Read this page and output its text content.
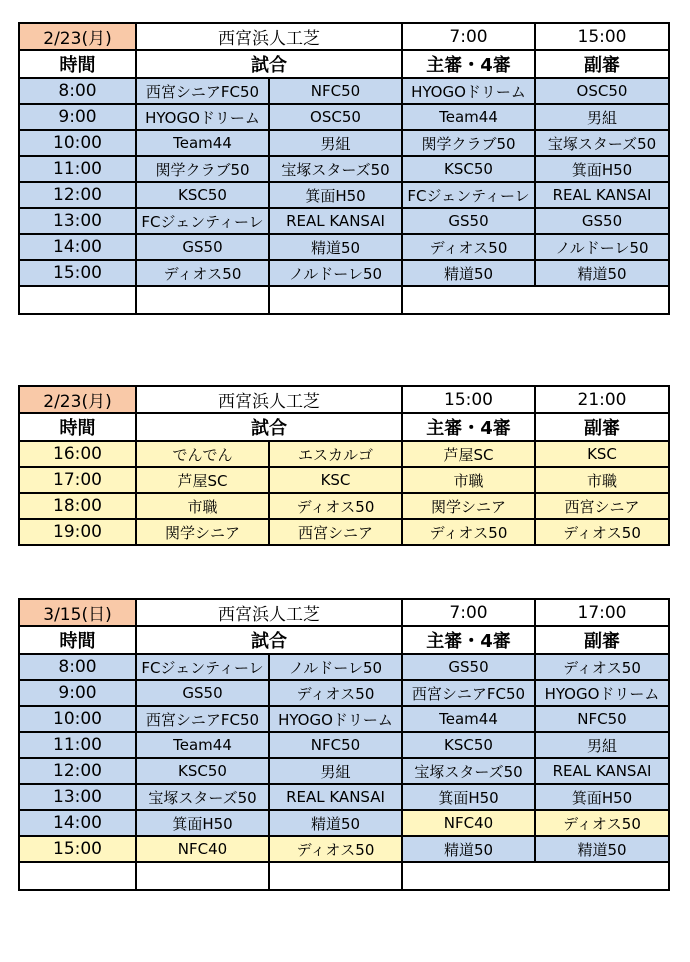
2/23(月)	西宮浜人工芝		7:00	15:00
時間	試合		主審・4審	副審
8:00	西宮シニアFC50	NFC50	HYOGOドリーム	OSC50
9:00	HYOGOドリーム	OSC50	Team44	男組
10:00	Team44	男組	関学クラブ50	宝塚スターズ50
11:00	関学クラブ50	宝塚スターズ50	KSC50	箕面H50
12:00	KSC50	箕面H50	FCジェンティーレ	REAL KANSAI
13:00	FCジェンティーレ	REAL KANSAI	GS50	GS50
14:00	GS50	精道50	ディオス50	ノルドーレ50
15:00	ディオス50	ノルドーレ50	精道50	精道50

2/23(月)	西宮浜人工芝		15:00	21:00
時間	試合		主審・4審	副審
16:00	でんでん	エスカルゴ	芦屋SC	KSC
17:00	芦屋SC	KSC	市職	市職
18:00	市職	ディオス50	関学シニア	西宮シニア
19:00	関学シニア	西宮シニア	ディオス50	ディオス50
3/15(日)	西宮浜人工芝		7:00	17:00
時間	試合		主審・4審	副審
8:00	FCジェンティーレ	ノルドーレ50	GS50	ディオス50
9:00	GS50	ディオス50	西宮シニアFC50	HYOGOドリーム
10:00	西宮シニアFC50	HYOGOドリーム	Team44	NFC50
11:00	Team44	NFC50	KSC50	男組
12:00	KSC50	男組	宝塚スターズ50	REAL KANSAI
13:00	宝塚スターズ50	REAL KANSAI	箕面H50	箕面H50
14:00	箕面H50	精道50	NFC40	ディオス50
15:00	NFC40	ディオス50	精道50	精道50
